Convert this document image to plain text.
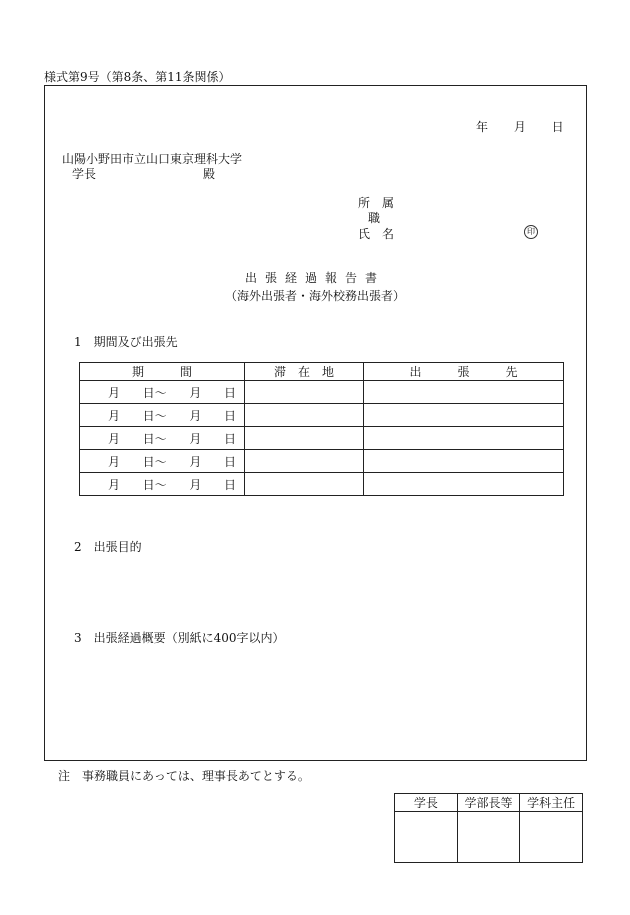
様式第9号（第8条、第11条関係）
年 月 日
山陽小野田市立山口東京理科大学
学長	殿
所　属
職
氏　名	印
出張経過報告書
（海外出張者・海外校務出張者）
1　期間及び出張先
期　　　間	滞　在　地	出　　　張　　　先

月 日～ 月 日		

月 日～ 月 日		

月 日～ 月 日		

月 日～ 月 日		

月 日～ 月 日		

2　出張目的
3　出張経過概要（別紙に400字以内）
注　事務職員にあっては、理事長あてとする。
学長	学部長等	学科主任
